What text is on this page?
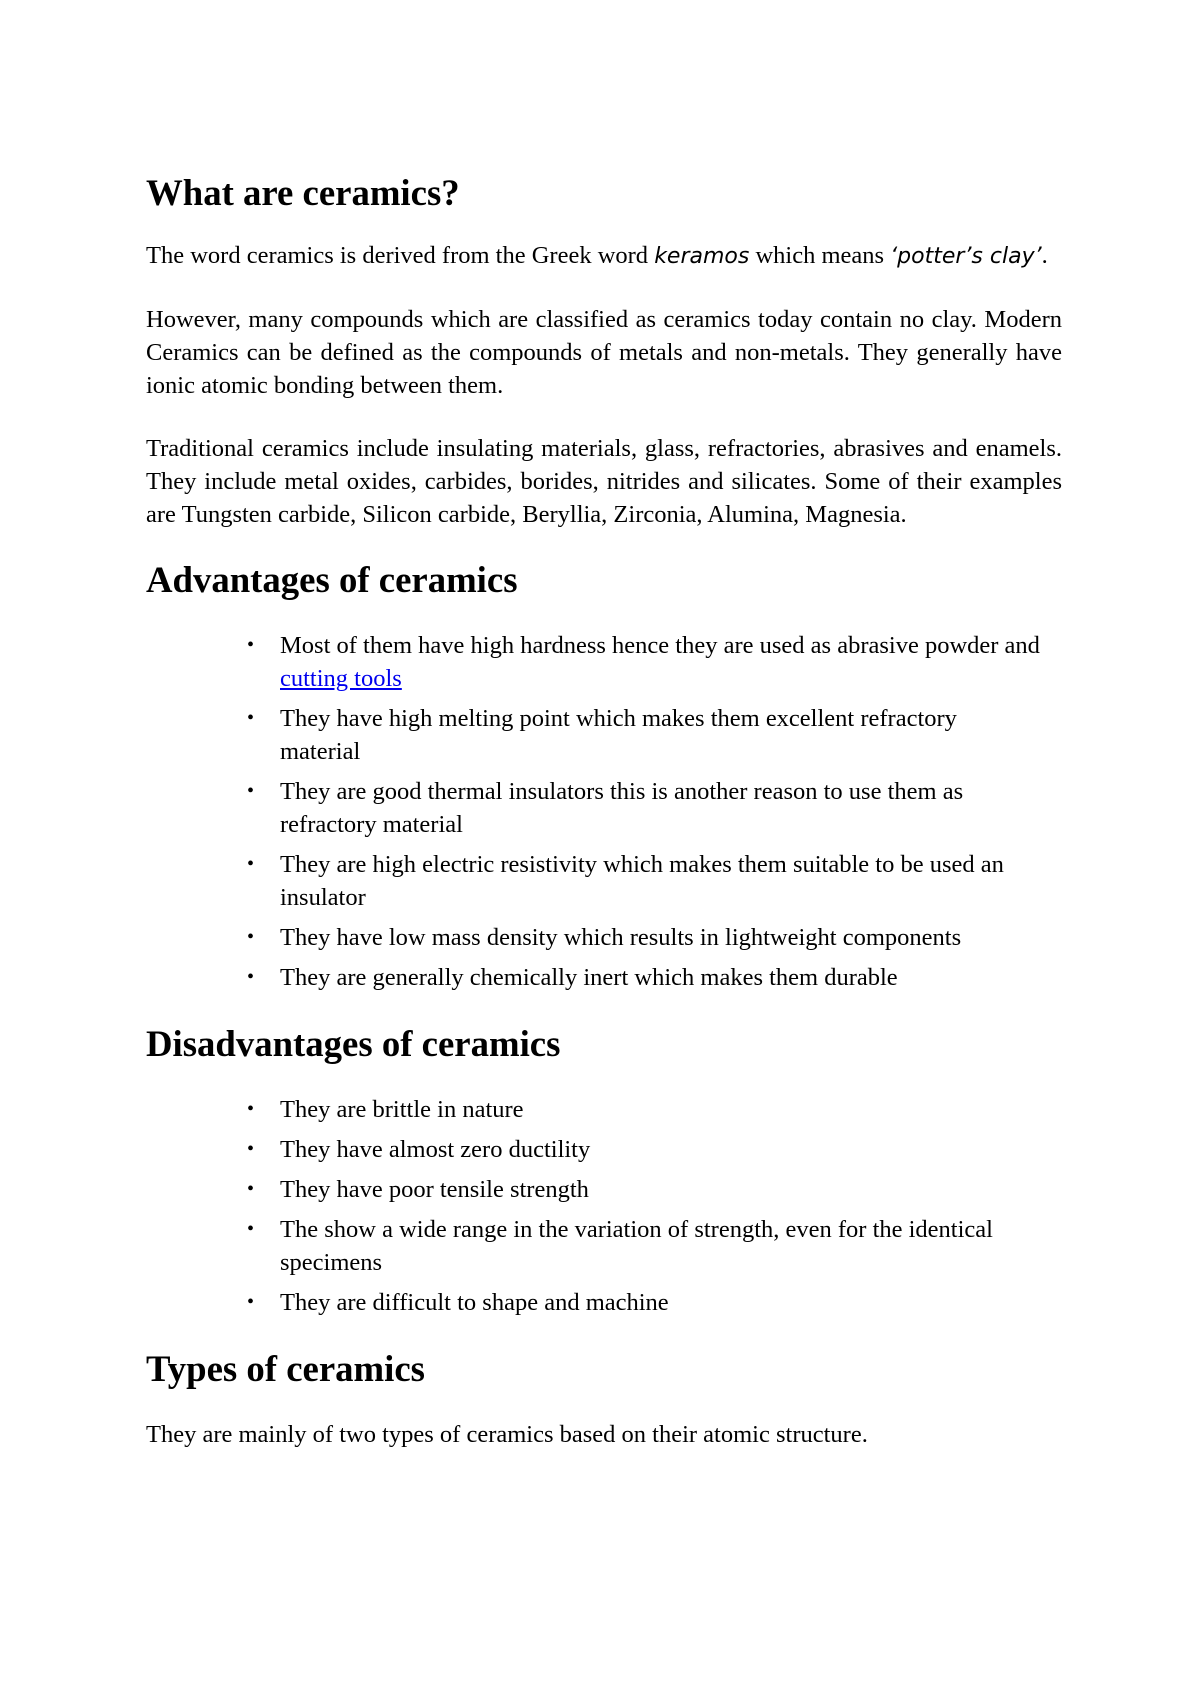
What are ceramics?

The word ceramics is derived from the Greek word keramos which means ‘potter’s clay’.

However, many compounds which are classified as ceramics today contain no clay. Modern Ceramics can be defined as the compounds of metals and non-metals. They generally have ionic atomic bonding between them.

Traditional ceramics include insulating materials, glass, refractories, abrasives and enamels. They include metal oxides, carbides, borides, nitrides and silicates. Some of their examples are Tungsten carbide, Silicon carbide, Beryllia, Zirconia, Alumina, Magnesia.

Advantages of ceramics
• Most of them have high hardness hence they are used as abrasive powder and cutting tools
• They have high melting point which makes them excellent refractory material
• They are good thermal insulators this is another reason to use them as refractory material
• They are high electric resistivity which makes them suitable to be used an insulator
• They have low mass density which results in lightweight components
• They are generally chemically inert which makes them durable
Disadvantages of ceramics
• They are brittle in nature
• They have almost zero ductility
• They have poor tensile strength
• The show a wide range in the variation of strength, even for the identical specimens
• They are difficult to shape and machine
Types of ceramics

They are mainly of two types of ceramics based on their atomic structure.
